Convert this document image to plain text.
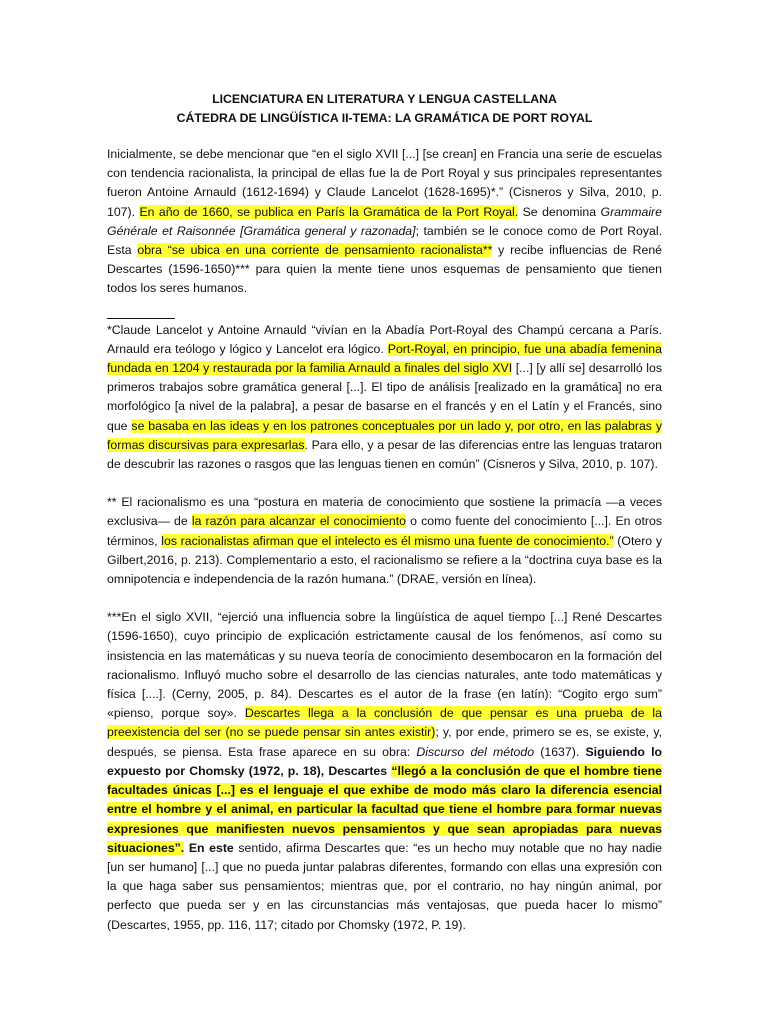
LICENCIATURA EN LITERATURA Y LENGUA CASTELLANA
CÁTEDRA DE LINGÜÍSTICA II-TEMA: LA GRAMÁTICA DE PORT ROYAL

Inicialmente, se debe mencionar que “en el siglo XVII [...] [se crean] en Francia una serie de escuelas con tendencia racionalista, la principal de ellas fue la de Port Royal y sus principales representantes fueron Antoine Arnauld (1612-1694) y Claude Lancelot (1628-1695)*.” (Cisneros y Silva, 2010, p. 107). En año de 1660, se publica en París la Gramática de la Port Royal. Se denomina Grammaire Générale et Raisonnée [Gramática general y razonada]; también se le conoce como de Port Royal. Esta obra “se ubica en una corriente de pensamiento racionalista** y recibe influencias de René Descartes (1596-1650)*** para quien la mente tiene unos esquemas de pensamiento que tienen todos los seres humanos.

*Claude Lancelot y Antoine Arnauld “vivían en la Abadía Port-Royal des Champú cercana a París. Arnauld era teólogo y lógico y Lancelot era lógico. Port-Royal, en principio, fue una abadía femenina fundada en 1204 y restaurada por la familia Arnauld a finales del siglo XVI [...] [y allí se] desarrolló los primeros trabajos sobre gramática general [...]. El tipo de análisis [realizado en la gramática] no era morfológico [a nivel de la palabra], a pesar de basarse en el francés y en el Latín y el Francés, sino que se basaba en las ideas y en los patrones conceptuales por un lado y, por otro, en las palabras y formas discursivas para expresarlas. Para ello, y a pesar de las diferencias entre las lenguas trataron de descubrir las razones o rasgos que las lenguas tienen en común” (Cisneros y Silva, 2010, p. 107).

** El racionalismo es una “postura en materia de conocimiento que sostiene la primacía —a veces exclusiva— de la razón para alcanzar el conocimiento o como fuente del conocimiento [...]. En otros términos, los racionalistas afirman que el intelecto es él mismo una fuente de conocimiento.” (Otero y Gilbert,2016, p. 213). Complementario a esto, el racionalismo se refiere a la “doctrina cuya base es la omnipotencia e independencia de la razón humana.” (DRAE, versión en línea).

***En el siglo XVII, “ejerció una influencia sobre la lingüística de aquel tiempo [...] René Descartes (1596-1650), cuyo principio de explicación estrictamente causal de los fenómenos, así como su insistencia en las matemáticas y su nueva teoría de conocimiento desembocaron en la formación del racionalismo. Influyó mucho sobre el desarrollo de las ciencias naturales, ante todo matemáticas y física [....]. (Cerny, 2005, p. 84). Descartes es el autor de la frase (en latín): “Cogito ergo sum” «pienso, porque soy». Descartes llega a la conclusión de que pensar es una prueba de la preexistencia del ser (no se puede pensar sin antes existir); y, por ende, primero se es, se existe, y, después, se piensa. Esta frase aparece en su obra: Discurso del método (1637). Siguiendo lo expuesto por Chomsky (1972, p. 18), Descartes “llegó a la conclusión de que el hombre tiene facultades únicas [...] es el lenguaje el que exhibe de modo más claro la diferencia esencial entre el hombre y el animal, en particular la facultad que tiene el hombre para formar nuevas expresiones que manifiesten nuevos pensamientos y que sean apropiadas para nuevas situaciones”. En este sentido, afirma Descartes que: “es un hecho muy notable que no hay nadie [un ser humano] [...] que no pueda juntar palabras diferentes, formando con ellas una expresión con la que haga saber sus pensamientos; mientras que, por el contrario, no hay ningún animal, por perfecto que pueda ser y en las circunstancias más ventajosas, que pueda hacer lo mismo” (Descartes, 1955, pp. 116, 117; citado por Chomsky (1972, P. 19).
